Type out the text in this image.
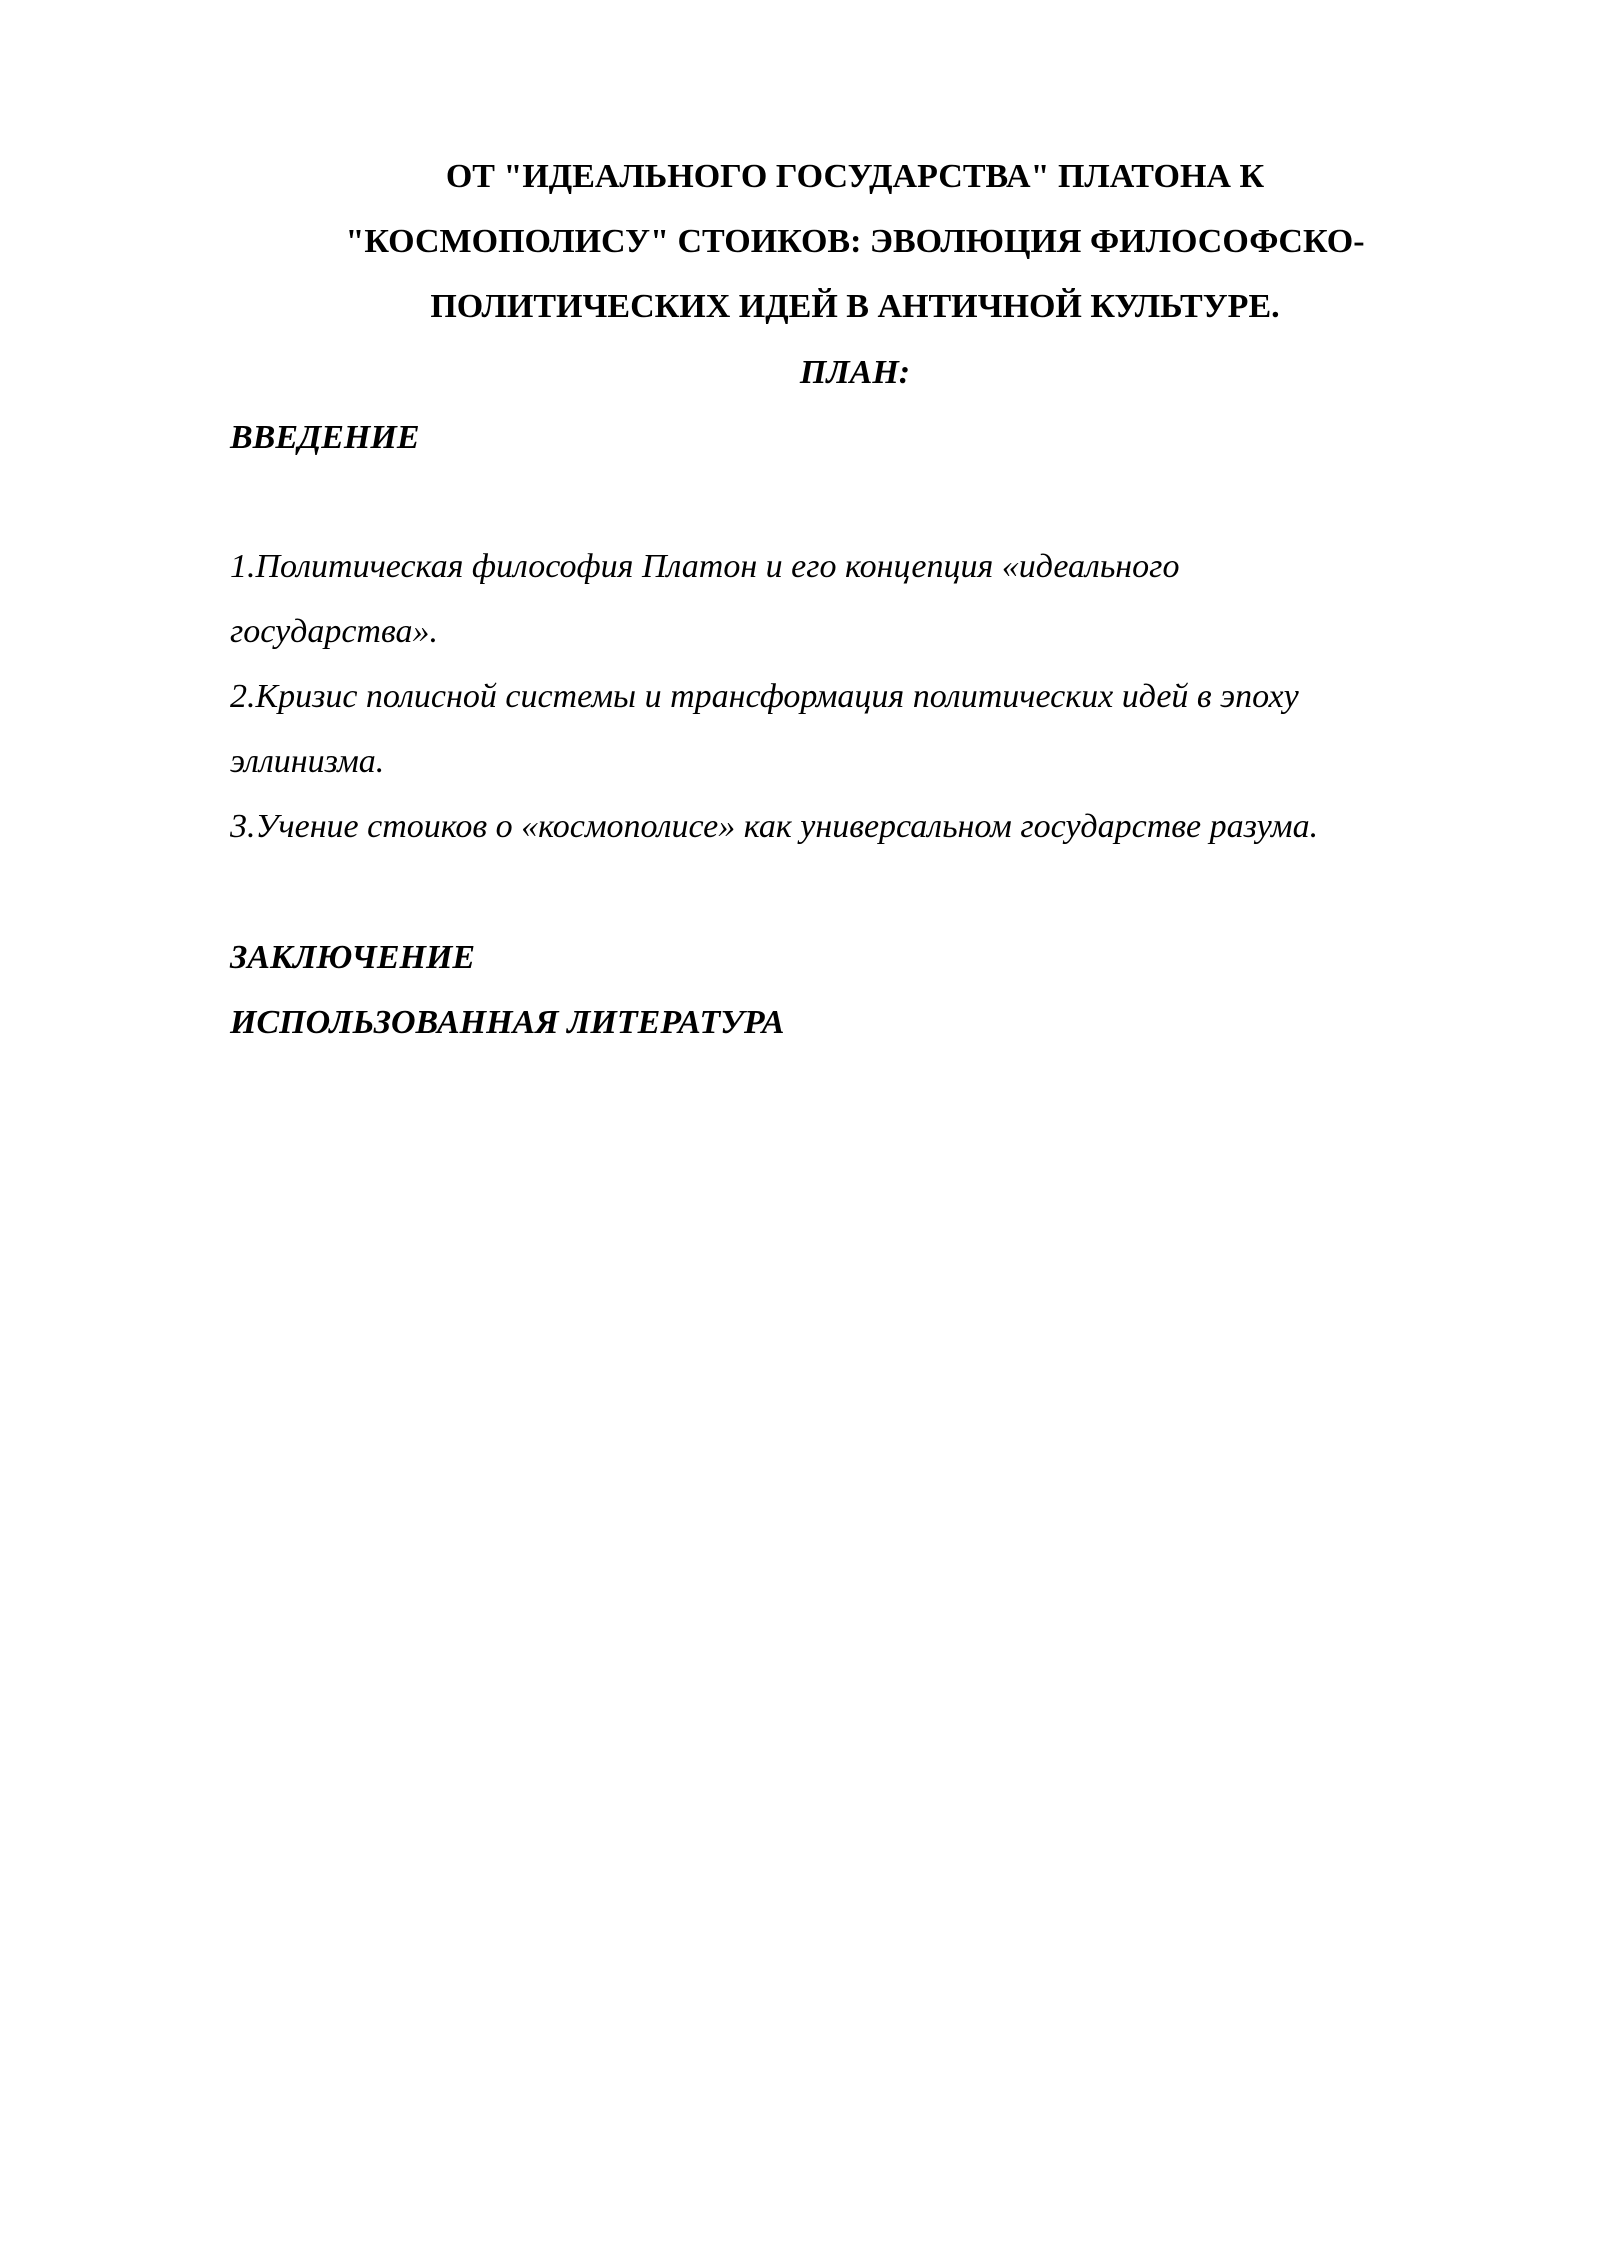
ОТ "ИДЕАЛЬНОГО ГОСУДАРСТВА" ПЛАТОНА К
"КОСМОПОЛИСУ" СТОИКОВ: ЭВОЛЮЦИЯ ФИЛОСОФСКО-
ПОЛИТИЧЕСКИХ ИДЕЙ В АНТИЧНОЙ КУЛЬТУРЕ.
ПЛАН:
ВВЕДЕНИЕ
1.Политическая философия Платон и его концепция «идеального
государства».
2.Кризис полисной системы и трансформация политических идей в эпоху
эллинизма.
3.Учение стоиков о «космополисе» как универсальном государстве разума.
ЗАКЛЮЧЕНИЕ
ИСПОЛЬЗОВАННАЯ ЛИТЕРАТУРА
